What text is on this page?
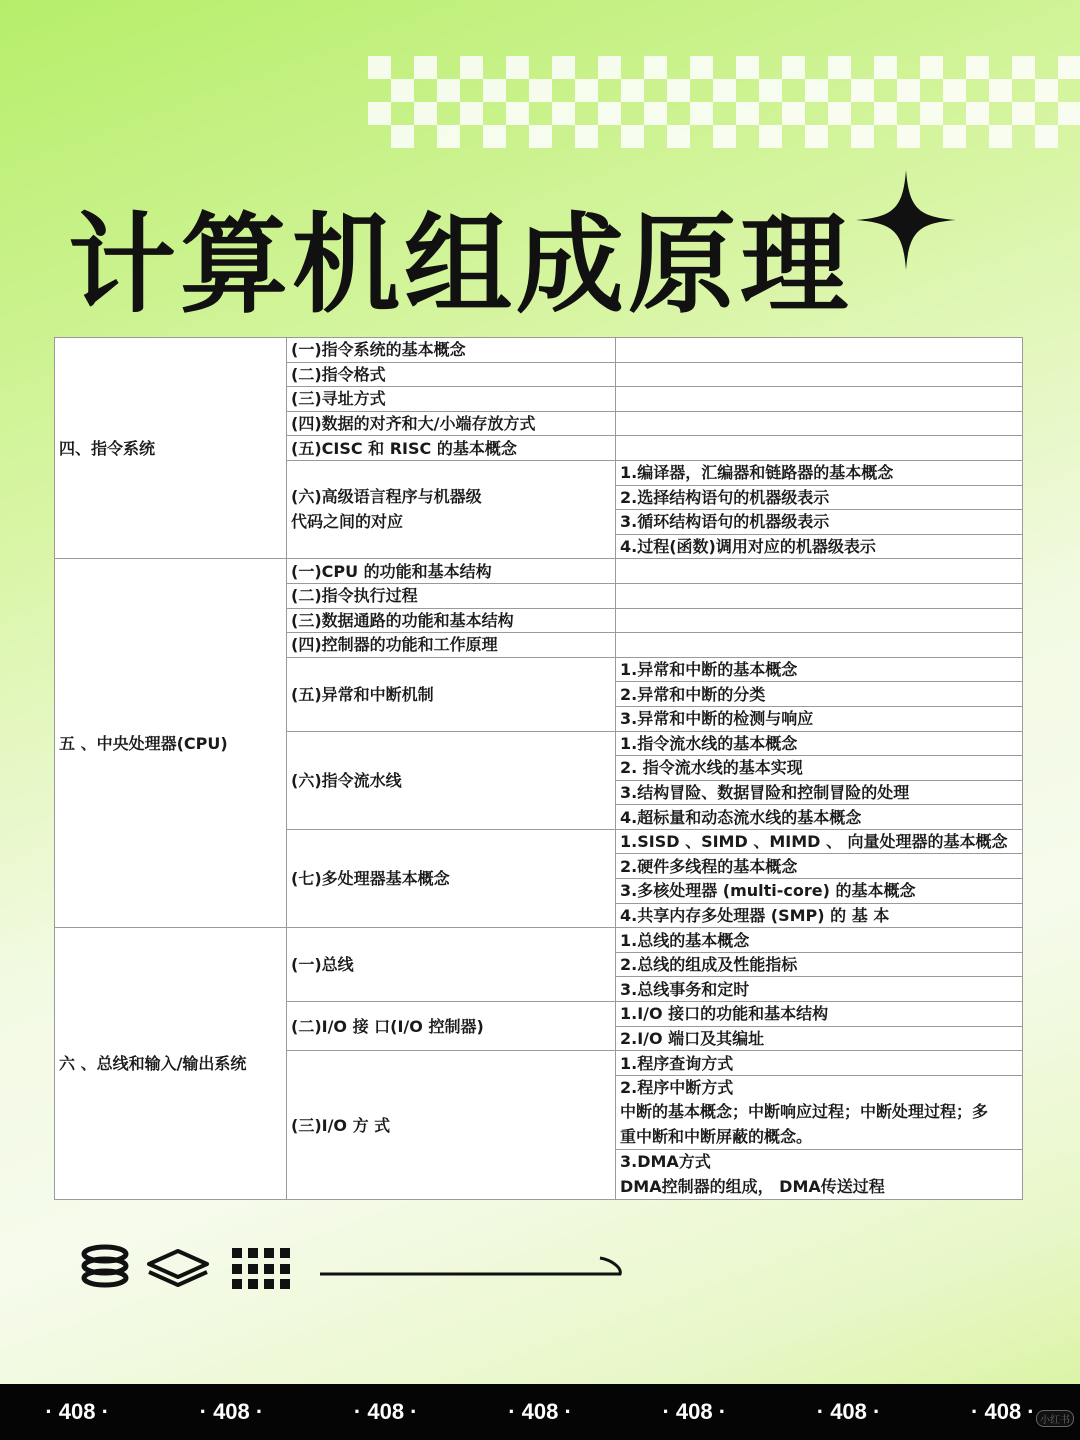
计算机组成原理
四、指令系统	(一)指令系统的基本概念	
	(二)指令格式	
	(三)寻址方式	
	(四)数据的对齐和大/小端存放方式	
	(五)CISC 和 RISC 的基本概念	
	(六)高级语言程序与机器级
代码之间的对应	1.编译器，汇编器和链路器的基本概念
		2.选择结构语句的机器级表示
		3.循环结构语句的机器级表示
		4.过程(函数)调用对应的机器级表示
五 、中央处理器(CPU)	(一)CPU 的功能和基本结构	
	(二)指令执行过程	
	(三)数据通路的功能和基本结构	
	(四)控制器的功能和工作原理	
	(五)异常和中断机制	1.异常和中断的基本概念
		2.异常和中断的分类
		3.异常和中断的检测与响应
	(六)指令流水线	1.指令流水线的基本概念
		2. 指令流水线的基本实现
		3.结构冒险、数据冒险和控制冒险的处理
		4.超标量和动态流水线的基本概念
	(七)多处理器基本概念	1.SISD 、SIMD 、MIMD 、 向量处理器的基本概念
		2.硬件多线程的基本概念
		3.多核处理器 (multi-core) 的基本概念
		4.共享内存多处理器 (SMP) 的 基 本
六 、总线和输入/输出系统	(一)总线	1.总线的基本概念
		2.总线的组成及性能指标
		3.总线事务和定时
	(二)I/O 接 口(I/O 控制器)	1.I/O 接口的功能和基本结构
		2.I/O 端口及其编址
	(三)I/O 方 式	1.程序查询方式
		2.程序中断方式
中断的基本概念；中断响应过程；中断处理过程；多
重中断和中断屏蔽的概念。
		3.DMA方式
DMA控制器的组成， DMA传送过程
· 408 ·	· 408 ·	· 408 ·	· 408 ·	· 408 ·	· 408 ·	· 408 · 小红书
